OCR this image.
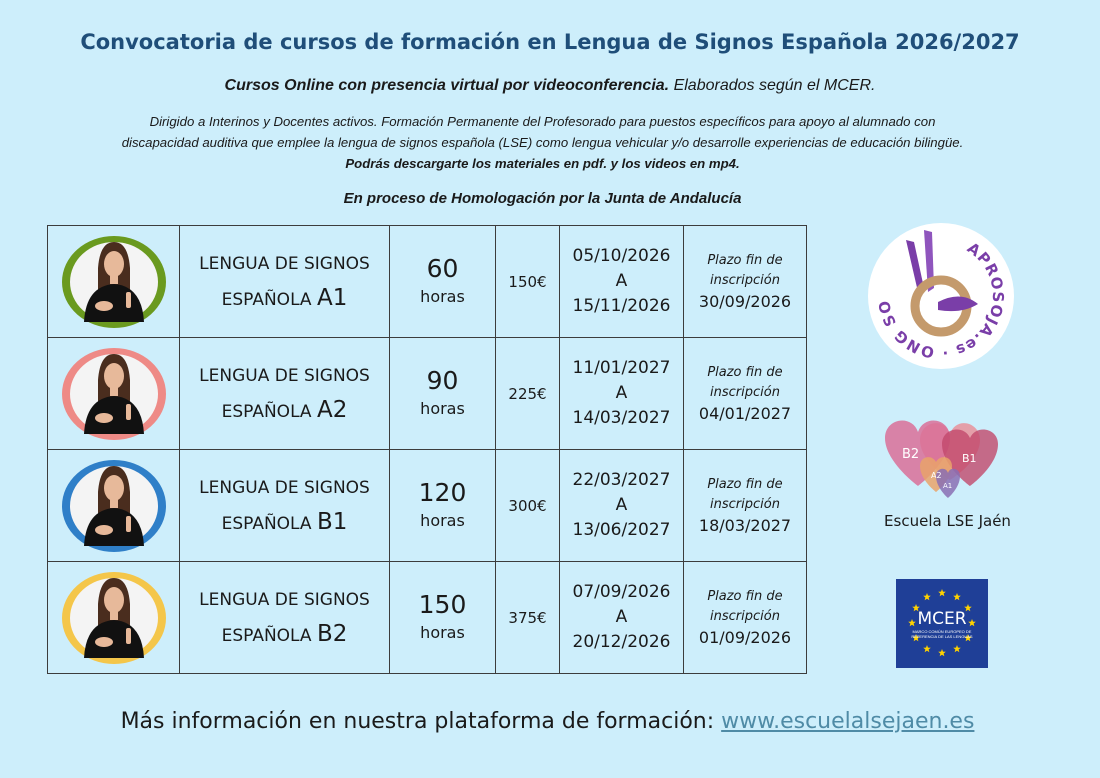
Convocatoria de cursos de formación en Lengua de Signos Española 2026/2027
Cursos Online con presencia virtual por videoconferencia. Elaborados según el MCER.
Dirigido a Interinos y Docentes activos. Formación Permanente del Profesorado para puestos específicos para apoyo al alumnado con discapacidad auditiva que emplee la lengua de signos española (LSE) como lengua vehicular y/o desarrolle experiencias de educación bilingüe. Podrás descargarte los materiales en pdf. y los videos en mp4.
En proceso de Homologación por la Junta de Andalucía
	LENGUA DE SIGNOS
ESPAÑOLA A1	60
horas	150€	05/10/2026
A
15/11/2026	Plazo fin de inscripción
30/09/2026

	LENGUA DE SIGNOS
ESPAÑOLA A2	90
horas	225€	11/01/2027
A
14/03/2027	Plazo fin de inscripción
04/01/2027

	LENGUA DE SIGNOS
ESPAÑOLA B1	120
horas	300€	22/03/2027
A
13/06/2027	Plazo fin de inscripción
18/03/2027

	LENGUA DE SIGNOS
ESPAÑOLA B2	150
horas	375€	07/09/2026
A
20/12/2026	Plazo fin de inscripción
01/09/2026
APROSOJA.es · ONG SO
B2	B1
A2
A1
Escuela LSE Jaén
MCER
MARCO COMÚN EUROPEO DE REFERENCIA DE LAS LENGUAS
Más información en nuestra plataforma de formación: www.escuelalsejaen.es
